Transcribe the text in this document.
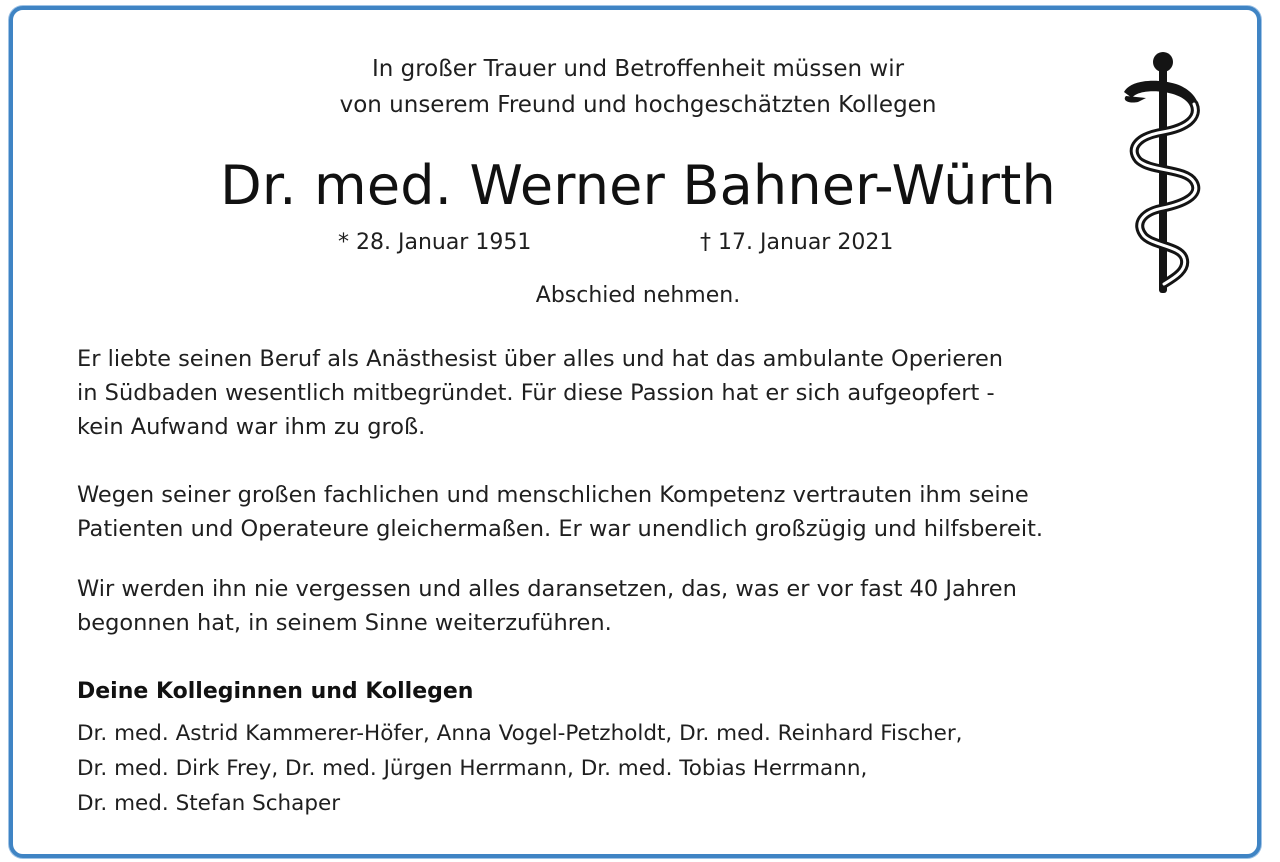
In großer Trauer und Betroffenheit müssen wir
von unserem Freund und hochgeschätzten Kollegen
Dr. med. Werner Bahner-Würth
* 28. Januar 1951	† 17. Januar 2021
Abschied nehmen.

Er liebte seinen Beruf als Anästhesist über alles und hat das ambulante Operieren
in Südbaden wesentlich mitbegründet. Für diese Passion hat er sich aufgeopfert -
kein Aufwand war ihm zu groß.

Wegen seiner großen fachlichen und menschlichen Kompetenz vertrauten ihm seine
Patienten und Operateure gleichermaßen. Er war unendlich großzügig und hilfsbereit.

Wir werden ihn nie vergessen und alles daransetzen, das, was er vor fast 40 Jahren
begonnen hat, in seinem Sinne weiterzuführen.

Deine Kolleginnen und Kollegen

Dr. med. Astrid Kammerer-Höfer, Anna Vogel-Petzholdt, Dr. med. Reinhard Fischer,
Dr. med. Dirk Frey, Dr. med. Jürgen Herrmann, Dr. med. Tobias Herrmann,
Dr. med. Stefan Schaper
